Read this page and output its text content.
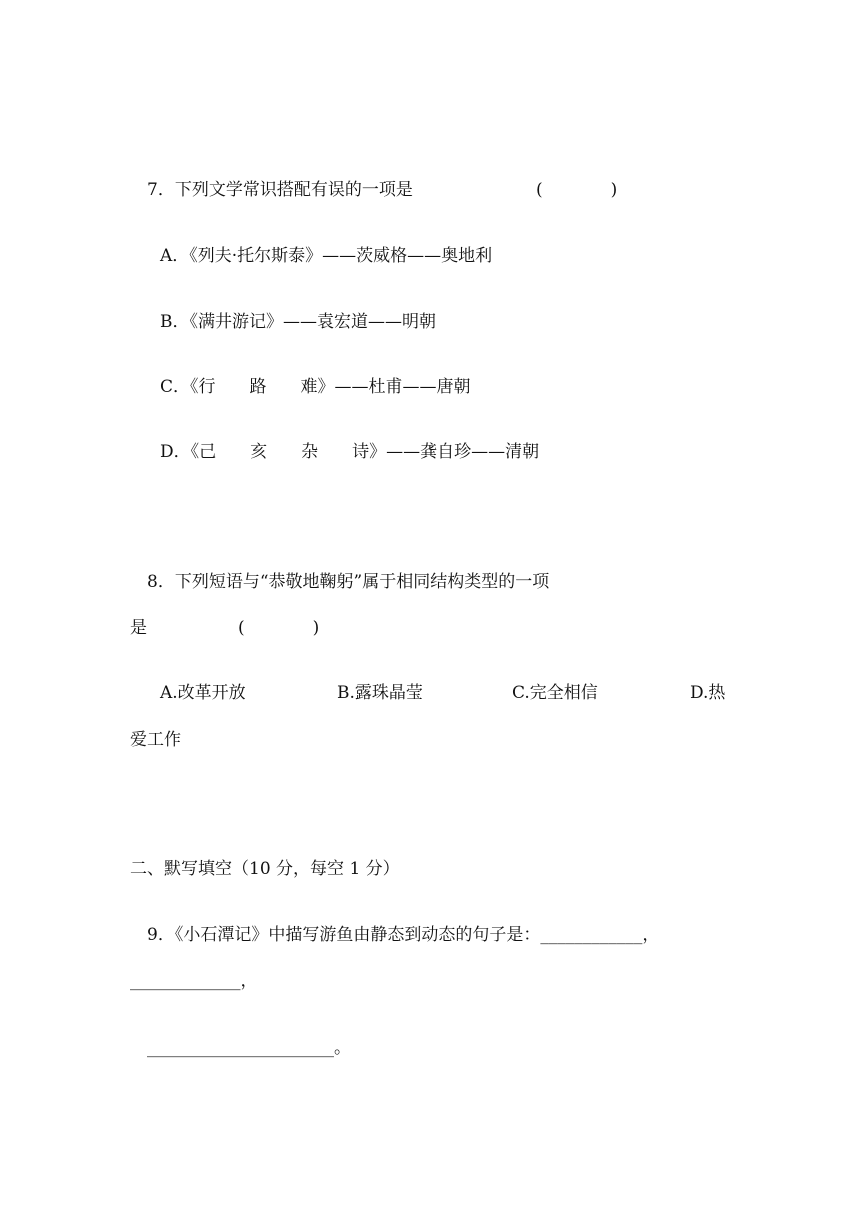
7．下列文学常识搭配有误的一项是	(　　　　)
A．《列夫·托尔斯泰》——茨威格——奥地利
B．《满井游记》——袁宏道——明朝
C．《行　　路　　难》——杜甫——唐朝
D．《己　　亥　　杂　　诗》——龚自珍——清朝
8．下列短语与“恭敬地鞠躬”属于相同结构类型的一项
是	(　　　　)
A.改革开放	B.露珠晶莹	C.完全相信	D.热
爱工作
二、默写填空（10 分，每空 1 分）
9．《小石潭记》中描写游鱼由静态到动态的句子是：____________，
_____________，
______________________。
